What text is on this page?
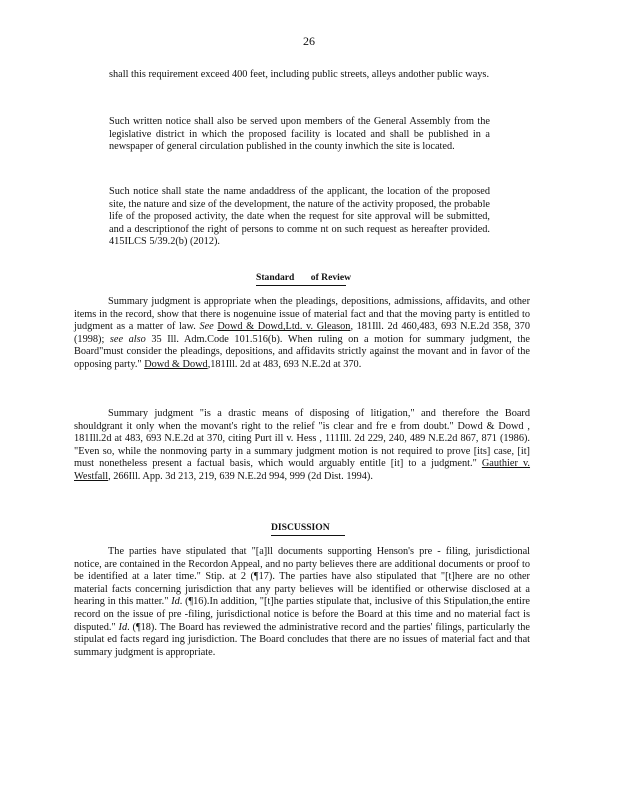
26

shall this requirement exceed 400 feet, including public streets, alleys andother public ways.

Such written notice shall also be served upon members of the General Assembly from the legislative district in which the proposed facility is located and shall be published in a newspaper of general circulation published in the county inwhich the site is located.

Such notice shall state the name andaddress of the applicant, the location of the proposed site, the nature and size of the development, the nature of the activity proposed, the probable life of the proposed activity, the date when the request for site approval will be submitted, and a descriptionof the right of persons to comme nt on such request as hereafter provided. 415ILCS 5/39.2(b) (2012).

Standard of Review

Summary judgment is appropriate when the pleadings, depositions, admissions, affidavits, and other items in the record, show that there is nogenuine issue of material fact and that the moving party is entitled to judgment as a matter of law. See Dowd & Dowd,Ltd. v. Gleason, 181Ill. 2d 460,483, 693 N.E.2d 358, 370 (1998); see also 35 Ill. Adm.Code 101.516(b). When ruling on a motion for summary judgment, the Board"must consider the pleadings, depositions, and affidavits strictly against the movant and in favor of the opposing party." Dowd & Dowd,181Ill. 2d at 483, 693 N.E.2d at 370.

Summary judgment "is a drastic means of disposing of litigation," and therefore the Board shouldgrant it only when the movant's right to the relief "is clear and fre e from doubt." Dowd & Dowd , 181Ill.2d at 483, 693 N.E.2d at 370, citing Purt ill v. Hess , 111Ill. 2d 229, 240, 489 N.E.2d 867, 871 (1986). "Even so, while the nonmoving party in a summary judgment motion is not required to prove [its] case, [it] must nonetheless present a factual basis, which would arguably entitle [it] to a judgment." Gauthier v. Westfall, 266Ill. App. 3d 213, 219, 639 N.E.2d 994, 999 (2d Dist. 1994).

DISCUSSION

The parties have stipulated that "[a]ll documents supporting Henson's pre - filing, jurisdictional notice, are contained in the Recordon Appeal, and no party believes there are additional documents or proof to be identified at a later time." Stip. at 2 (¶17). The parties have also stipulated that "[t]here are no other material facts concerning jurisdiction that any party believes will be identified or otherwise disclosed at a hearing in this matter." Id. (¶16).In addition, "[t]he parties stipulate that, inclusive of this Stipulation,the entire record on the issue of pre -filing, jurisdictional notice is before the Board at this time and no material fact is disputed." Id. (¶18). The Board has reviewed the administrative record and the parties' filings, particularly the stipulat ed facts regard ing jurisdiction. The Board concludes that there are no issues of material fact and that summary judgment is appropriate.
